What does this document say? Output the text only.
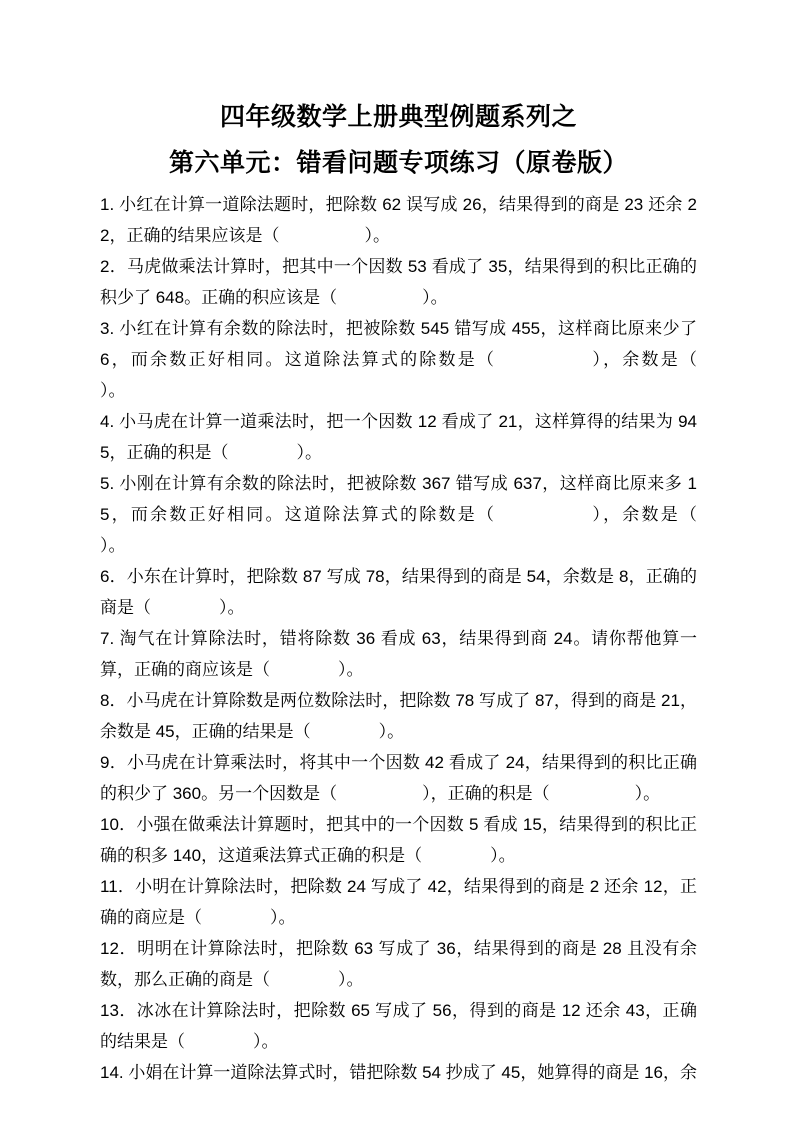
四年级数学上册典型例题系列之
第六单元：错看问题专项练习（原卷版）

1. 小红在计算一道除法题时，把除数 62 误写成 26，结果得到的商是 23 还余 22，正确的结果应该是（　　　　　）。

2．马虎做乘法计算时，把其中一个因数 53 看成了 35，结果得到的积比正确的积少了 648。正确的积应该是（　　　　　）。

3. 小红在计算有余数的除法时，把被除数 545 错写成 455，这样商比原来少了 6，而余数正好相同。这道除法算式的除数是（　　　　　），余数是（　　　　　）。

4. 小马虎在计算一道乘法时，把一个因数 12 看成了 21，这样算得的结果为 945，正确的积是（　　　　）。

5. 小刚在计算有余数的除法时，把被除数 367 错写成 637，这样商比原来多 15，而余数正好相同。这道除法算式的除数是（　　　　　），余数是（　　　　）。

6．小东在计算时，把除数 87 写成 78，结果得到的商是 54，余数是 8，正确的商是（　　　　）。

7. 淘气在计算除法时，错将除数 36 看成 63，结果得到商 24。请你帮他算一算，正确的商应该是（　　　　）。

8．小马虎在计算除数是两位数除法时，把除数 78 写成了 87，得到的商是 21，余数是 45，正确的结果是（　　　　）。

9．小马虎在计算乘法时，将其中一个因数 42 看成了 24，结果得到的积比正确的积少了 360。另一个因数是（　　　　　），正确的积是（　　　　　）。

10．小强在做乘法计算题时，把其中的一个因数 5 看成 15，结果得到的积比正确的积多 140，这道乘法算式正确的积是（　　　　）。

11．小明在计算除法时，把除数 24 写成了 42，结果得到的商是 2 还余 12，正确的商应是（　　　　）。

12．明明在计算除法时，把除数 63 写成了 36，结果得到的商是 28 且没有余数，那么正确的商是（　　　　）。

13．冰冰在计算除法时，把除数 65 写成了 56，得到的商是 12 还余 43，正确的结果是（　　　　）。

14. 小娟在计算一道除法算式时，错把除数 54 抄成了 45，她算得的商是 16，余
